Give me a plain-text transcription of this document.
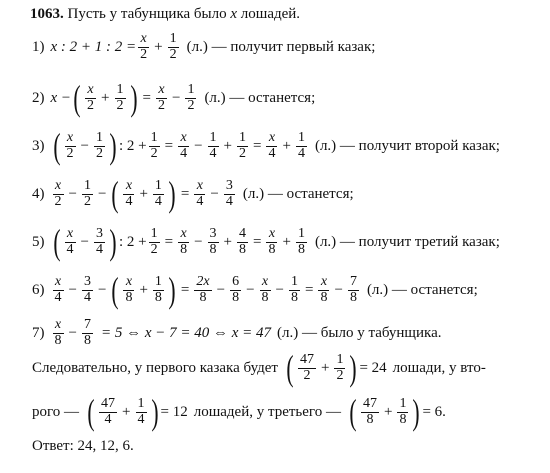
1063.
Пусть у табунщика было
x
лошадей.
1) x : 2 + 1 : 2 =
x
2 +
1
2 (л.) — получит первый казак;
2) x − ( x
2 +
1
2 ) =
x
2 −
1
2 (л.) — останется;
3) ( x
2 −
1
2 ) : 2 +
1
2 =
x
4 −
1
4 +
1
2 =
x
4 +
1
4 (л.) — получит второй казак;
4)
x
2 −
1
2 − ( x
4 +
1
4 ) =
x
4 −
3
4 (л.) — останется;
5) ( x
4 −
3
4 ) : 2 +
1
2 =
x
8 −
3
8 +
4
8 =
x
8 +
1
8 (л.) — получит третий казак;
6)
x
4 −
3
4 − ( x
8 +
1
8 ) =
2x
8 −
6
8 −
x
8 −
1
8 =
x
8 −
7
8 (л.) — останется;
7)
x
8 −
7
8 = 5 ⇔ x − 7 = 40 ⇔ x = 47 (л.) — было у табунщика.
Следовательно, у первого казака будет ( 47
2 +
1
2 ) = 24 лошади, у вто-
рого — ( 47
4 +
1
4 ) = 12 лошадей, у третьего — ( 47
8 +
1
8 ) = 6.
Ответ: 24, 12, 6.
